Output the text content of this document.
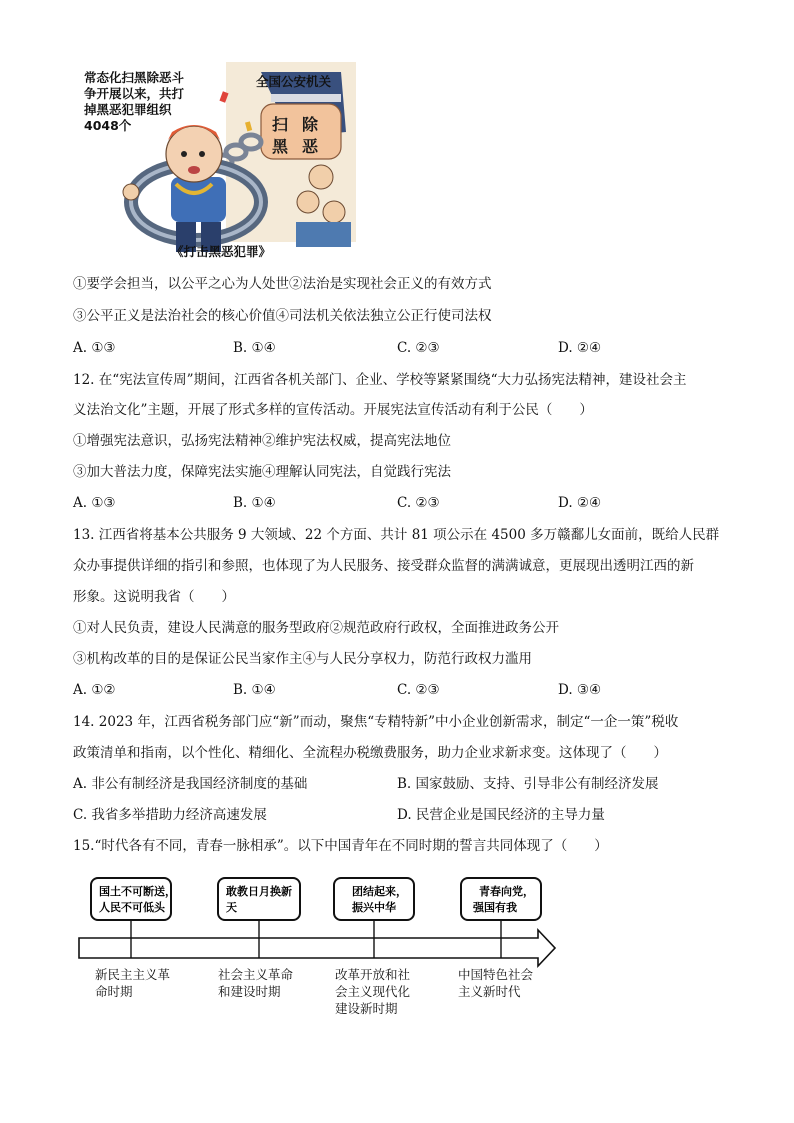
常态化扫黑除恶斗
争开展以来，共打
掉黑恶犯罪组织
4048个
全国公安机关
扫除
黑恶
《打击黑恶犯罪》
①要学会担当，以公平之心为人处世②法治是实现社会正义的有效方式
③公平正义是法治社会的核心价值④司法机关依法独立公正行使司法权
A. ①③	B. ①④	C. ②③	D. ②④
12. 在“宪法宣传周”期间，江西省各机关部门、企业、学校等紧紧围绕“大力弘扬宪法精神，建设社会主
义法治文化”主题，开展了形式多样的宣传活动。开展宪法宣传活动有利于公民（　　）
①增强宪法意识，弘扬宪法精神②维护宪法权威，提高宪法地位
③加大普法力度，保障宪法实施④理解认同宪法，自觉践行宪法
A. ①③	B. ①④	C. ②③	D. ②④
13. 江西省将基本公共服务 9 大领域、22 个方面、共计 81 项公示在 4500 多万赣鄱儿女面前，既给人民群
众办事提供详细的指引和参照，也体现了为人民服务、接受群众监督的满满诚意，更展现出透明江西的新
形象。这说明我省（　　）
①对人民负责，建设人民满意的服务型政府②规范政府行政权，全面推进政务公开
③机构改革的目的是保证公民当家作主④与人民分享权力，防范行政权力滥用
A. ①②	B. ①④	C. ②③	D. ③④
14. 2023 年，江西省税务部门应“新”而动，聚焦“专精特新”中小企业创新需求，制定“一企一策”税收
政策清单和指南，以个性化、精细化、全流程办税缴费服务，助力企业求新求变。这体现了（　　）
A. 非公有制经济是我国经济制度的基础	B. 国家鼓励、支持、引导非公有制经济发展
C. 我省多举措助力经济高速发展	D. 民营企业是国民经济的主导力量
15.“时代各有不同，青春一脉相承”。以下中国青年在不同时期的誓言共同体现了（　　）
国土不可断送，
人民不可低头
敢教日月换新
天
团结起来，
振兴中华
青春向党，
强国有我
新民主主义革
命时期
社会主义革命
和建设时期
改革开放和社
会主义现代化
建设新时期
中国特色社会
主义新时代
